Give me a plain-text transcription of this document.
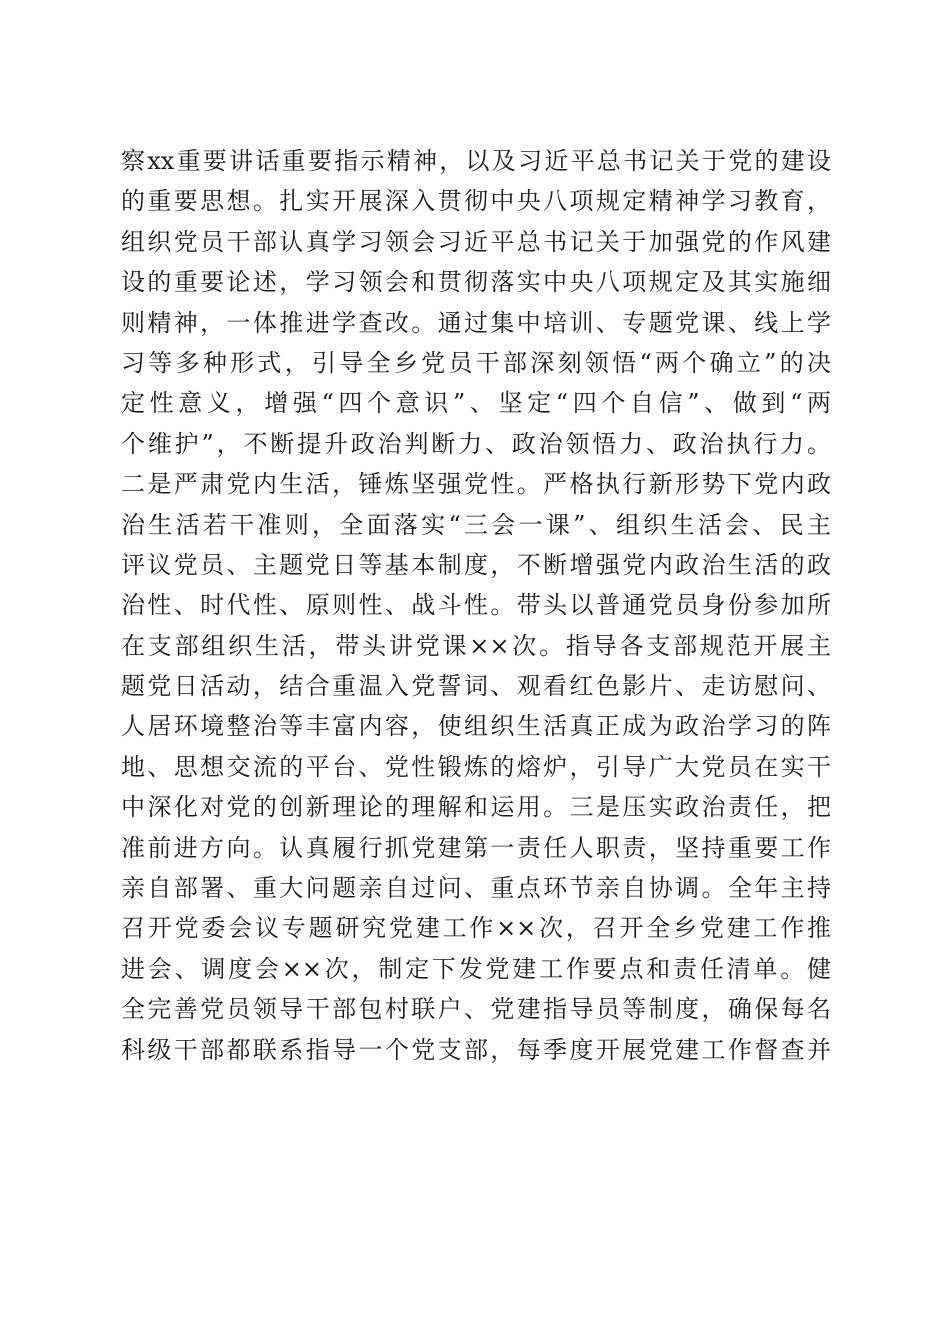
察xx重要讲话重要指示精神，以及习近平总书记关于党的建设
的重要思想。扎实开展深入贯彻中央八项规定精神学习教育，
组织党员干部认真学习领会习近平总书记关于加强党的作风建
设的重要论述，学习领会和贯彻落实中央八项规定及其实施细
则精神，一体推进学查改。通过集中培训、专题党课、线上学
习等多种形式，引导全乡党员干部深刻领悟“两个确立”的决
定性意义，增强“四个意识”、坚定“四个自信”、做到“两
个维护”，不断提升政治判断力、政治领悟力、政治执行力。
二是严肃党内生活，锤炼坚强党性。严格执行新形势下党内政
治生活若干准则，全面落实“三会一课”、组织生活会、民主
评议党员、主题党日等基本制度，不断增强党内政治生活的政
治性、时代性、原则性、战斗性。带头以普通党员身份参加所
在支部组织生活，带头讲党课××次。指导各支部规范开展主
题党日活动，结合重温入党誓词、观看红色影片、走访慰问、
人居环境整治等丰富内容，使组织生活真正成为政治学习的阵
地、思想交流的平台、党性锻炼的熔炉，引导广大党员在实干
中深化对党的创新理论的理解和运用。三是压实政治责任，把
准前进方向。认真履行抓党建第一责任人职责，坚持重要工作
亲自部署、重大问题亲自过问、重点环节亲自协调。全年主持
召开党委会议专题研究党建工作××次，召开全乡党建工作推
进会、调度会××次，制定下发党建工作要点和责任清单。健
全完善党员领导干部包村联户、党建指导员等制度，确保每名
科级干部都联系指导一个党支部，每季度开展党建工作督查并
